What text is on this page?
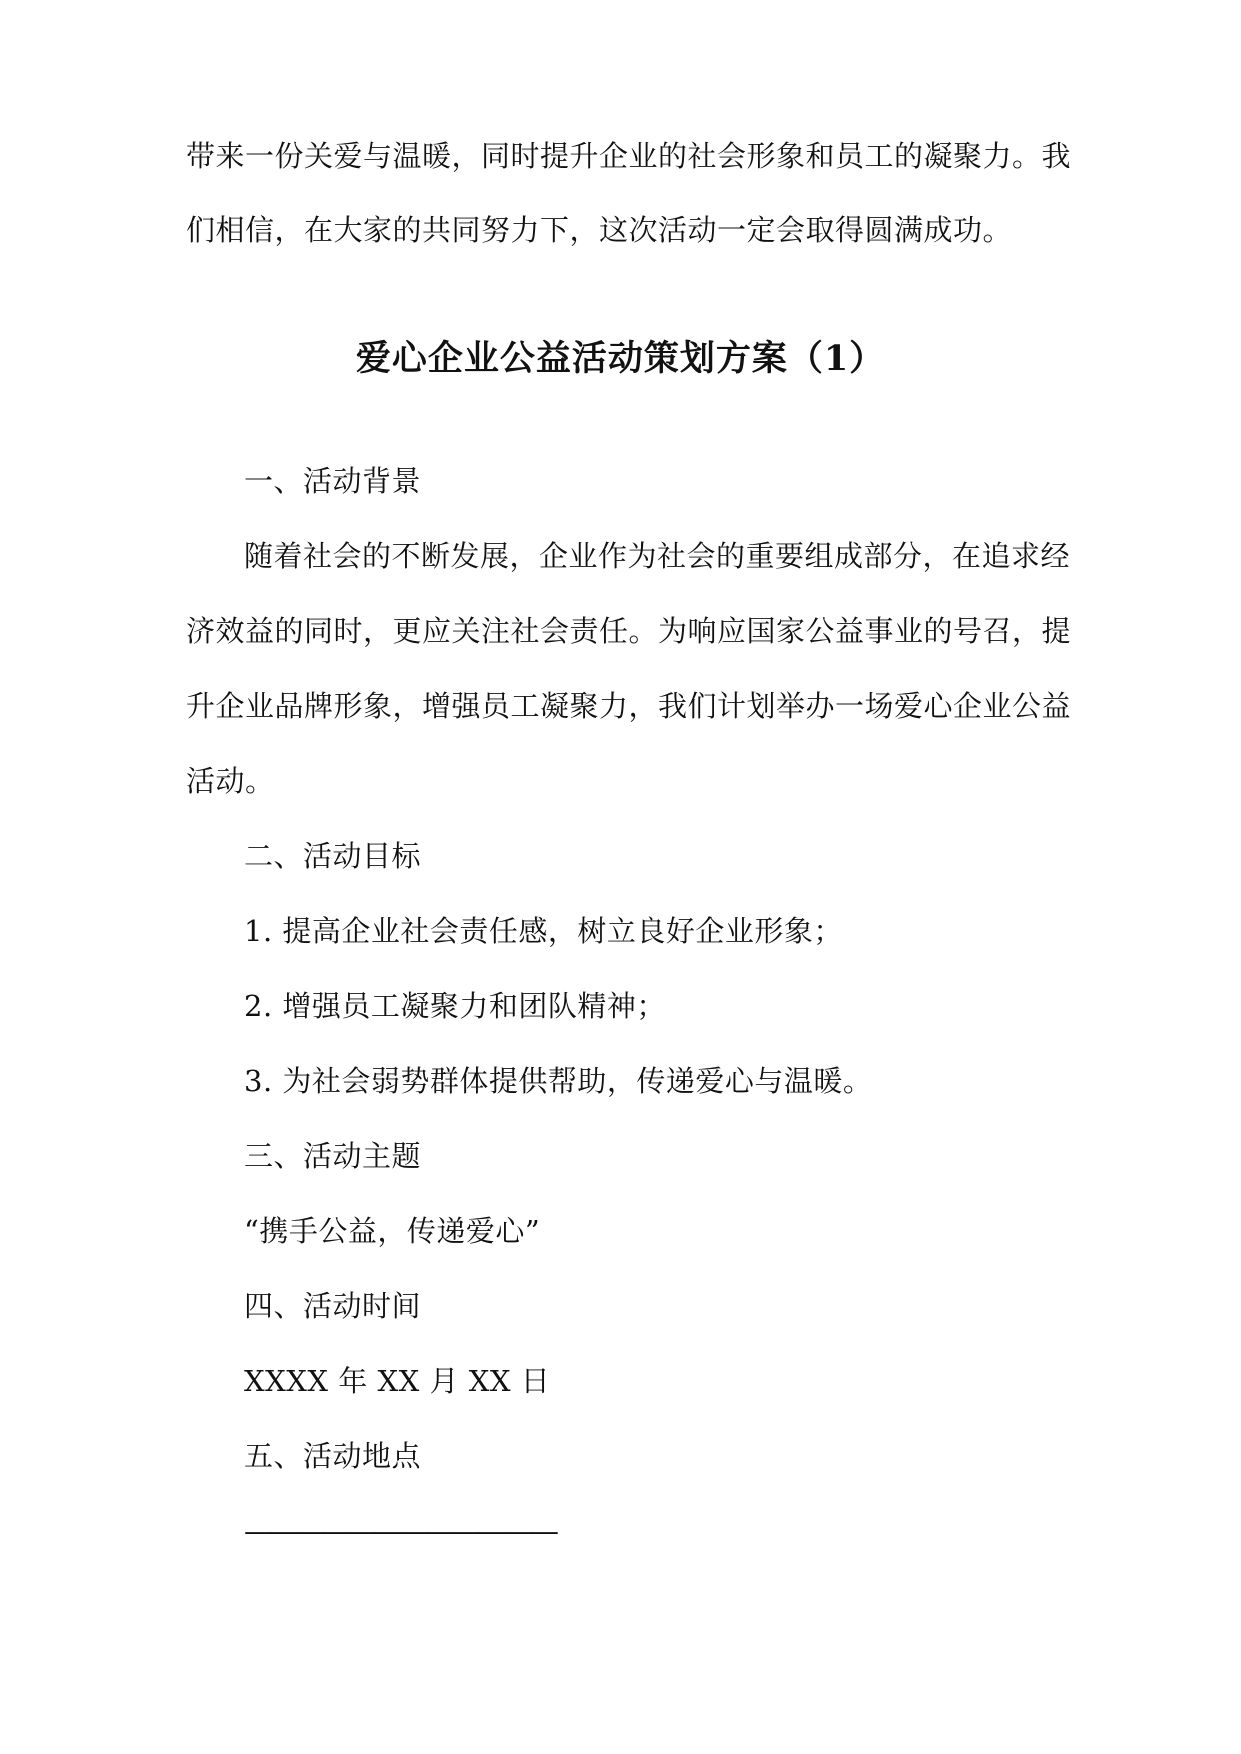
带来一份关爱与温暖，同时提升企业的社会形象和员工的凝聚力。我
们相信，在大家的共同努力下，这次活动一定会取得圆满成功。
爱心企业公益活动策划方案（1）
一、活动背景
随着社会的不断发展，企业作为社会的重要组成部分，在追求经
济效益的同时，更应关注社会责任。为响应国家公益事业的号召，提
升企业品牌形象，增强员工凝聚力，我们计划举办一场爱心企业公益
活动。
二、活动目标
1. 提高企业社会责任感，树立良好企业形象；
2. 增强员工凝聚力和团队精神；
3. 为社会弱势群体提供帮助，传递爱心与温暖。
三、活动主题
“携手公益，传递爱心”
四、活动时间
XXXX 年 XX 月 XX 日
五、活动地点
————————————
